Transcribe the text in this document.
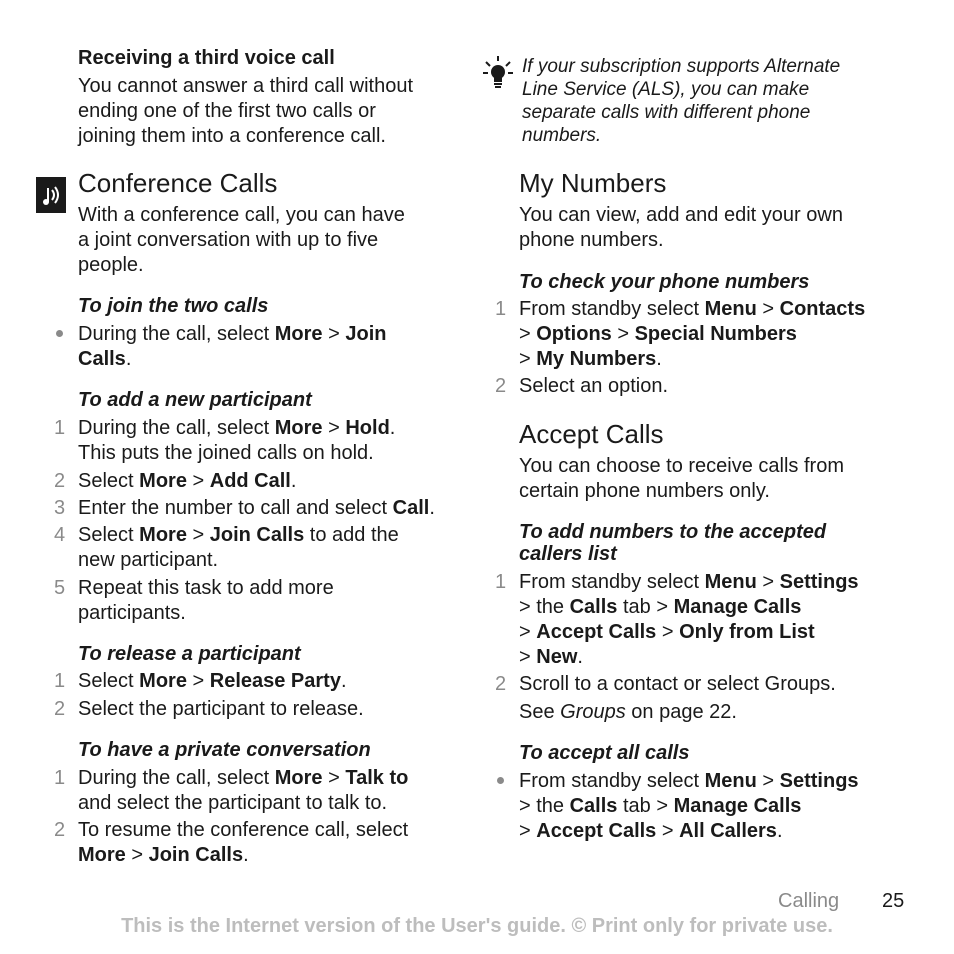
Receiving a third voice call
You cannot answer a third call without
ending one of the first two calls or
joining them into a conference call.
Conference Calls
With a conference call, you can have
a joint conversation with up to five
people.
To join the two calls
During the call, select More > Join
Calls.
To add a new participant
1 During the call, select More > Hold.
This puts the joined calls on hold.
2 Select More > Add Call.
3 Enter the number to call and select Call.
4 Select More > Join Calls to add the
new participant.
5 Repeat this task to add more
participants.
To release a participant
1 Select More > Release Party.
2 Select the participant to release.
To have a private conversation
1 During the call, select More > Talk to
and select the participant to talk to.
2 To resume the conference call, select
More > Join Calls.
If your subscription supports Alternate
Line Service (ALS), you can make
separate calls with different phone
numbers.
My Numbers
You can view, add and edit your own
phone numbers.
To check your phone numbers
1 From standby select Menu > Contacts
> Options > Special Numbers
> My Numbers.
2 Select an option.
Accept Calls
You can choose to receive calls from
certain phone numbers only.
To add numbers to the accepted
callers list
1 From standby select Menu > Settings
> the Calls tab > Manage Calls
> Accept Calls > Only from List
> New.
2 Scroll to a contact or select Groups.
See Groups on page 22.
To accept all calls
From standby select Menu > Settings
> the Calls tab > Manage Calls
> Accept Calls > All Callers.
Calling 25
This is the Internet version of the User's guide. © Print only for private use.
